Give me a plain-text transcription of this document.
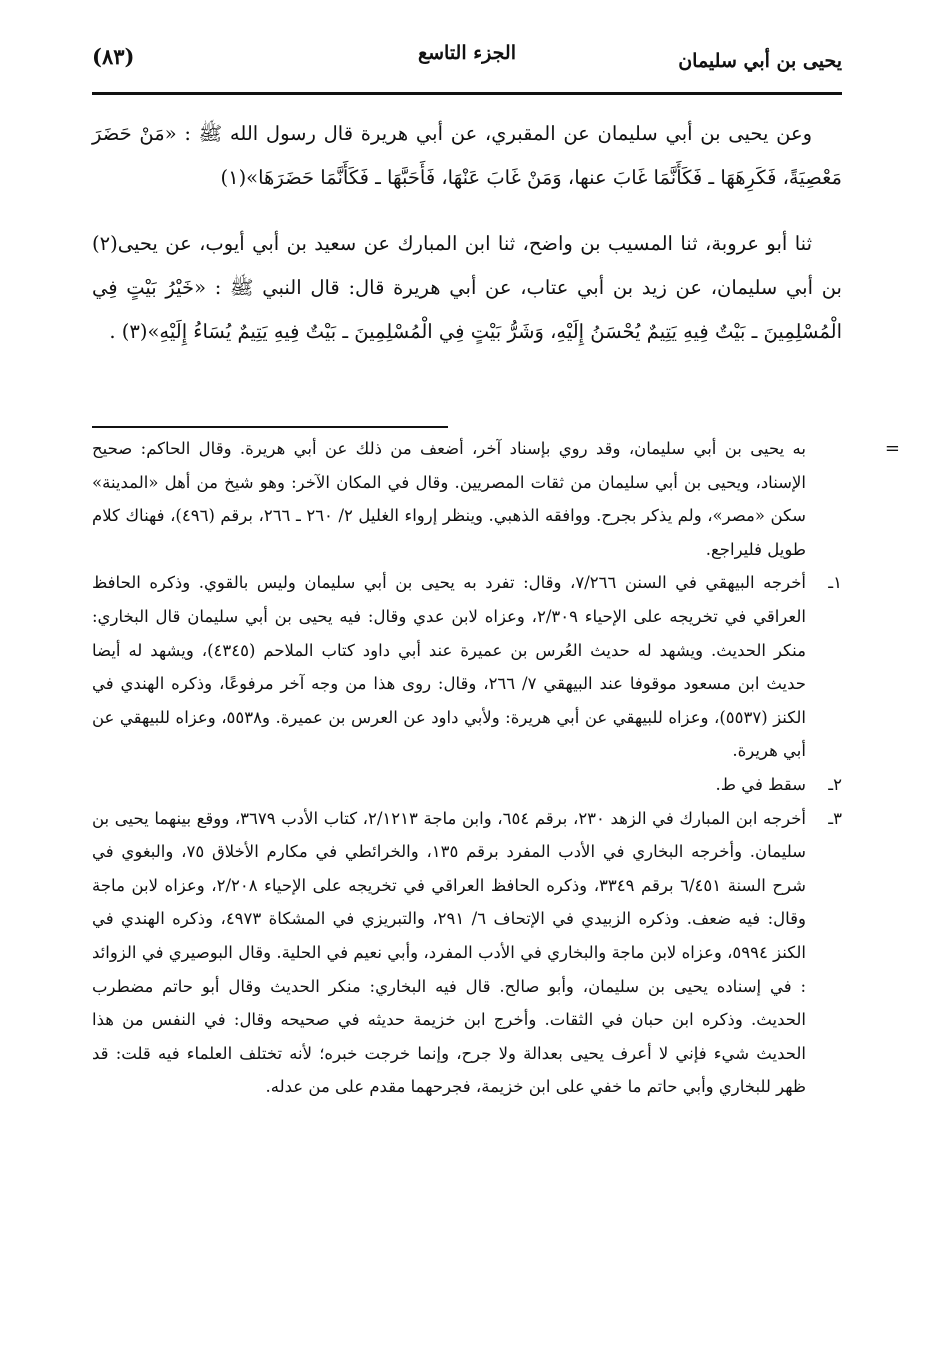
يحيى بن أبي سليمان
الجزء التاسع
(٨٣)

وعن يحيى بن أبي سليمان عن المقبري، عن أبي هريرة قال رسول الله ﷺ : «مَنْ حَضَرَ مَعْصِيَةً، فَكَرِهَهَا ـ فَكَأَنَّمَا غَابَ عنها، وَمَنْ غَابَ عَنْهَا، فَأَحَبَّهَا ـ فَكَأَنَّمَا حَضَرَهَا»(١)

ثنا أبو عروبة، ثنا المسيب بن واضح، ثنا ابن المبارك عن سعيد بن أبي أيوب، عن يحيى(٢) بن أبي سليمان، عن زيد بن أبي عتاب، عن أبي هريرة قال: قال النبي ﷺ : «خَيْرُ بَيْتٍ فِي الْمُسْلِمِينَ ـ بَيْتٌ فِيهِ يَتِيمٌ يُحْسَنُ إِلَيْهِ، وَشَرُّ بَيْتٍ فِي الْمُسْلِمِينَ ـ بَيْتٌ فِيهِ يَتِيمٌ يُسَاءُ إِلَيْهِ»(٣) .

=
به يحيى بن أبي سليمان، وقد روي بإسناد آخر، أضعف من ذلك عن أبي هريرة. وقال الحاكم: صحيح الإسناد، ويحيى بن أبي سليمان من ثقات المصريين. وقال في المكان الآخر: وهو شيخ من أهل «المدينة» سكن «مصر»، ولم يذكر بجرح. ووافقه الذهبي. وينظر إرواء الغليل ٢/ ٢٦٠ ـ ٢٦٦، برقم (٤٩٦)، فهناك كلام طويل فليراجع.
١ـ
أخرجه البيهقي في السنن ٧/٢٦٦، وقال: تفرد به يحيى بن أبي سليمان وليس بالقوي. وذكره الحافظ العراقي في تخريجه على الإحياء ٢/٣٠٩، وعزاه لابن عدي وقال: فيه يحيى بن أبي سليمان قال البخاري: منكر الحديث. ويشهد له حديث العُرس بن عميرة عند أبي داود كتاب الملاحم (٤٣٤٥)، ويشهد له أيضا حديث ابن مسعود موقوفا عند البيهقي ٧/ ٢٦٦، وقال: روى هذا من وجه آخر مرفوعًا، وذكره الهندي في الكنز (٥٥٣٧)، وعزاه للبيهقي عن أبي هريرة: ولأبي داود عن العرس بن عميرة. و٥٥٣٨، وعزاه للبيهقي عن أبي هريرة.
٢ـ
سقط في ط.
٣ـ
أخرجه ابن المبارك في الزهد ٢٣٠، برقم ٦٥٤، وابن ماجة ٢/١٢١٣، كتاب الأدب ٣٦٧٩، ووقع بينهما يحيى بن سليمان. وأخرجه البخاري في الأدب المفرد برقم ١٣٥، والخرائطي في مكارم الأخلاق ٧٥، والبغوي في شرح السنة ٦/٤٥١ برقم ٣٣٤٩، وذكره الحافظ العراقي في تخريجه على الإحياء ٢/٢٠٨، وعزاه لابن ماجة وقال: فيه ضعف. وذكره الزبيدي في الإتحاف ٦/ ٢٩١، والتبريزي في المشكاة ٤٩٧٣، وذكره الهندي في الكنز ٥٩٩٤، وعزاه لابن ماجة والبخاري في الأدب المفرد، وأبي نعيم في الحلية. وقال البوصيري في الزوائد : في إسناده يحيى بن سليمان، وأبو صالح. قال فيه البخاري: منكر الحديث وقال أبو حاتم مضطرب الحديث. وذكره ابن حبان في الثقات. وأخرج ابن خزيمة حديثه في صحيحه وقال: في النفس من هذا الحديث شيء فإني لا أعرف يحيى بعدالة ولا جرح، وإنما خرجت خبره؛ لأنه تختلف العلماء فيه قلت: قد ظهر للبخاري وأبي حاتم ما خفي على ابن خزيمة، فجرحهما مقدم على من عدله.
